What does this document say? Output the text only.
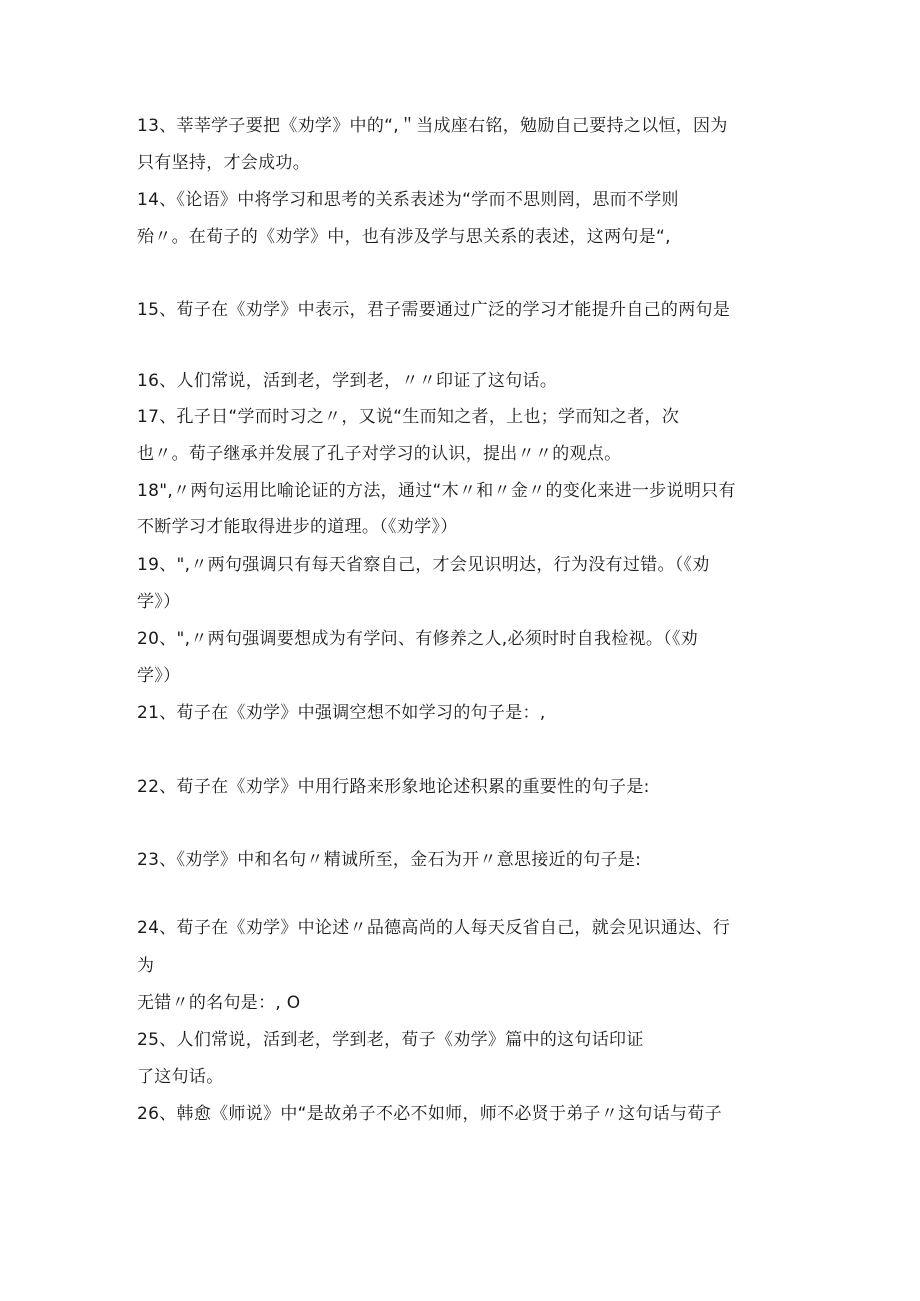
13、莘莘学子要把《劝学》中的“,＂当成座右铭，勉励自己要持之以恒，因为
只有坚持，才会成功。
14、《论语》中将学习和思考的关系表述为“学而不思则罔，思而不学则
殆〃。在荀子的《劝学》中，也有涉及学与思关系的表述，这两句是“,
15、荀子在《劝学》中表示，君子需要通过广泛的学习才能提升自己的两句是
16、人们常说，活到老，学到老，〃〃印证了这句话。
17、孔子日“学而时习之〃，又说“生而知之者，上也；学而知之者，次
也〃。荀子继承并发展了孔子对学习的认识，提出〃〃的观点。
18",〃两句运用比喻论证的方法，通过“木〃和〃金〃的变化来进一步说明只有
不断学习才能取得进步的道理。（《劝学》）
19、",〃两句强调只有每天省察自己，才会见识明达，行为没有过错。（《劝
学》）
20、",〃两句强调要想成为有学问、有修养之人,必须时时自我检视。（《劝
学》）
21、荀子在《劝学》中强调空想不如学习的句子是：,
22、荀子在《劝学》中用行路来形象地论述积累的重要性的句子是:
23、《劝学》中和名句〃精诚所至，金石为开〃意思接近的句子是:
24、荀子在《劝学》中论述〃品德高尚的人每天反省自己，就会见识通达、行
为
无错〃的名句是：, O
25、人们常说，活到老，学到老，荀子《劝学》篇中的这句话印证
了这句话。
26、韩愈《师说》中“是故弟子不必不如师，师不必贤于弟子〃这句话与荀子
